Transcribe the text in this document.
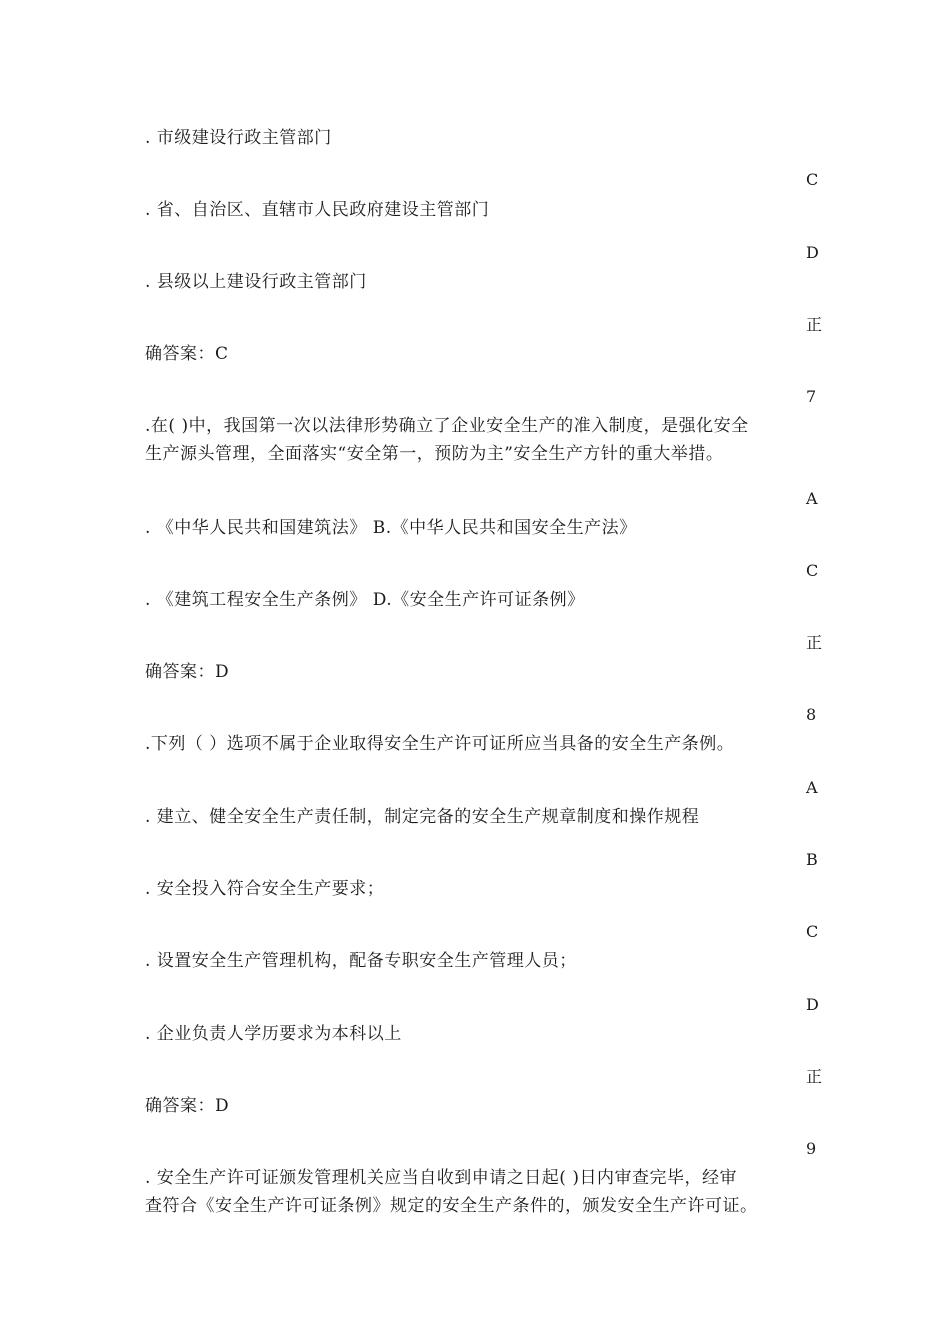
. 市级建设行政主管部门
C
. 省、自治区、直辖市人民政府建设主管部门
D
. 县级以上建设行政主管部门
正
确答案：C
7
.在( )中，我国第一次以法律形势确立了企业安全生产的准入制度，是强化安全
生产源头管理，全面落实“安全第一，预防为主”安全生产方针的重大举措。
A
. 《中华人民共和国建筑法》 B.《中华人民共和国安全生产法》
C
. 《建筑工程安全生产条例》 D.《安全生产许可证条例》
正
确答案：D
8
.下列（ ）选项不属于企业取得安全生产许可证所应当具备的安全生产条例。
A
. 建立、健全安全生产责任制，制定完备的安全生产规章制度和操作规程
B
. 安全投入符合安全生产要求；
C
. 设置安全生产管理机构，配备专职安全生产管理人员；
D
. 企业负责人学历要求为本科以上
正
确答案：D
9
. 安全生产许可证颁发管理机关应当自收到申请之日起( )日内审查完毕，经审
查符合《安全生产许可证条例》规定的安全生产条件的，颁发安全生产许可证。
